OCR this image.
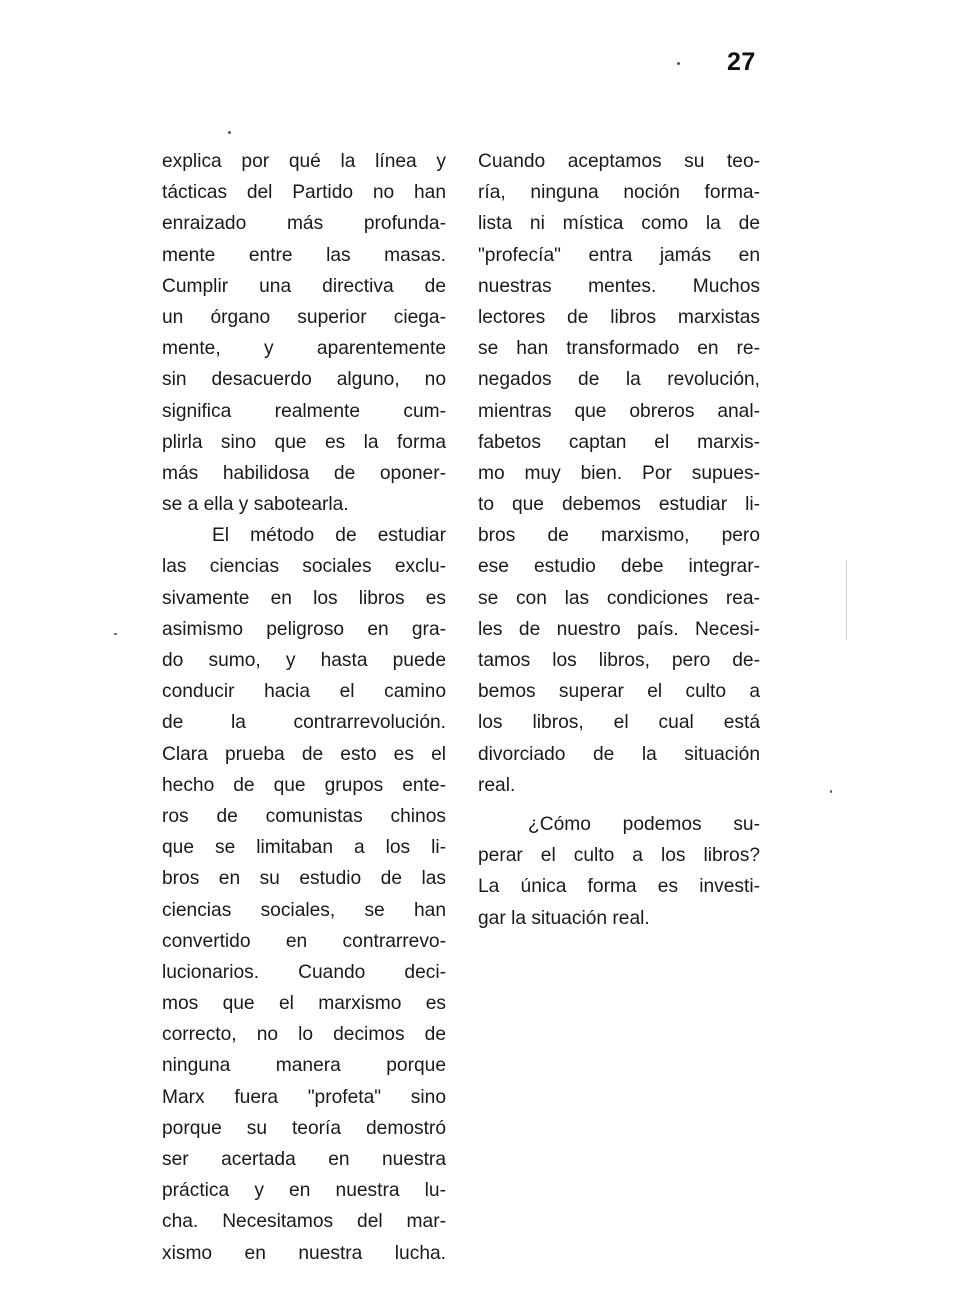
27
explica por qué la línea y
tácticas del Partido no han
enraizado más profunda-
mente entre las masas.
Cumplir una directiva de
un órgano superior ciega-
mente, y aparentemente
sin desacuerdo alguno, no
significa realmente cum-
plirla sino que es la forma
más habilidosa de oponer-
se a ella y sabotearla.
El método de estudiar
las ciencias sociales exclu-
sivamente en los libros es
asimismo peligroso en gra-
do sumo, y hasta puede
conducir hacia el camino
de la contrarrevolución.
Clara prueba de esto es el
hecho de que grupos ente-
ros de comunistas chinos
que se limitaban a los li-
bros en su estudio de las
ciencias sociales, se han
convertido en contrarrevo-
lucionarios. Cuando deci-
mos que el marxismo es
correcto, no lo decimos de
ninguna manera porque
Marx fuera "profeta" sino
porque su teoría demostró
ser acertada en nuestra
práctica y en nuestra lu-
cha. Necesitamos del mar-
xismo en nuestra lucha.
Cuando aceptamos su teo-
ría, ninguna noción forma-
lista ni mística como la de
"profecía" entra jamás en
nuestras mentes. Muchos
lectores de libros marxistas
se han transformado en re-
negados de la revolución,
mientras que obreros anal-
fabetos captan el marxis-
mo muy bien. Por supues-
to que debemos estudiar li-
bros de marxismo, pero
ese estudio debe integrar-
se con las condiciones rea-
les de nuestro país. Necesi-
tamos los libros, pero de-
bemos superar el culto a
los libros, el cual está
divorciado de la situación
real.
¿Cómo podemos su-
perar el culto a los libros?
La única forma es investi-
gar la situación real.
